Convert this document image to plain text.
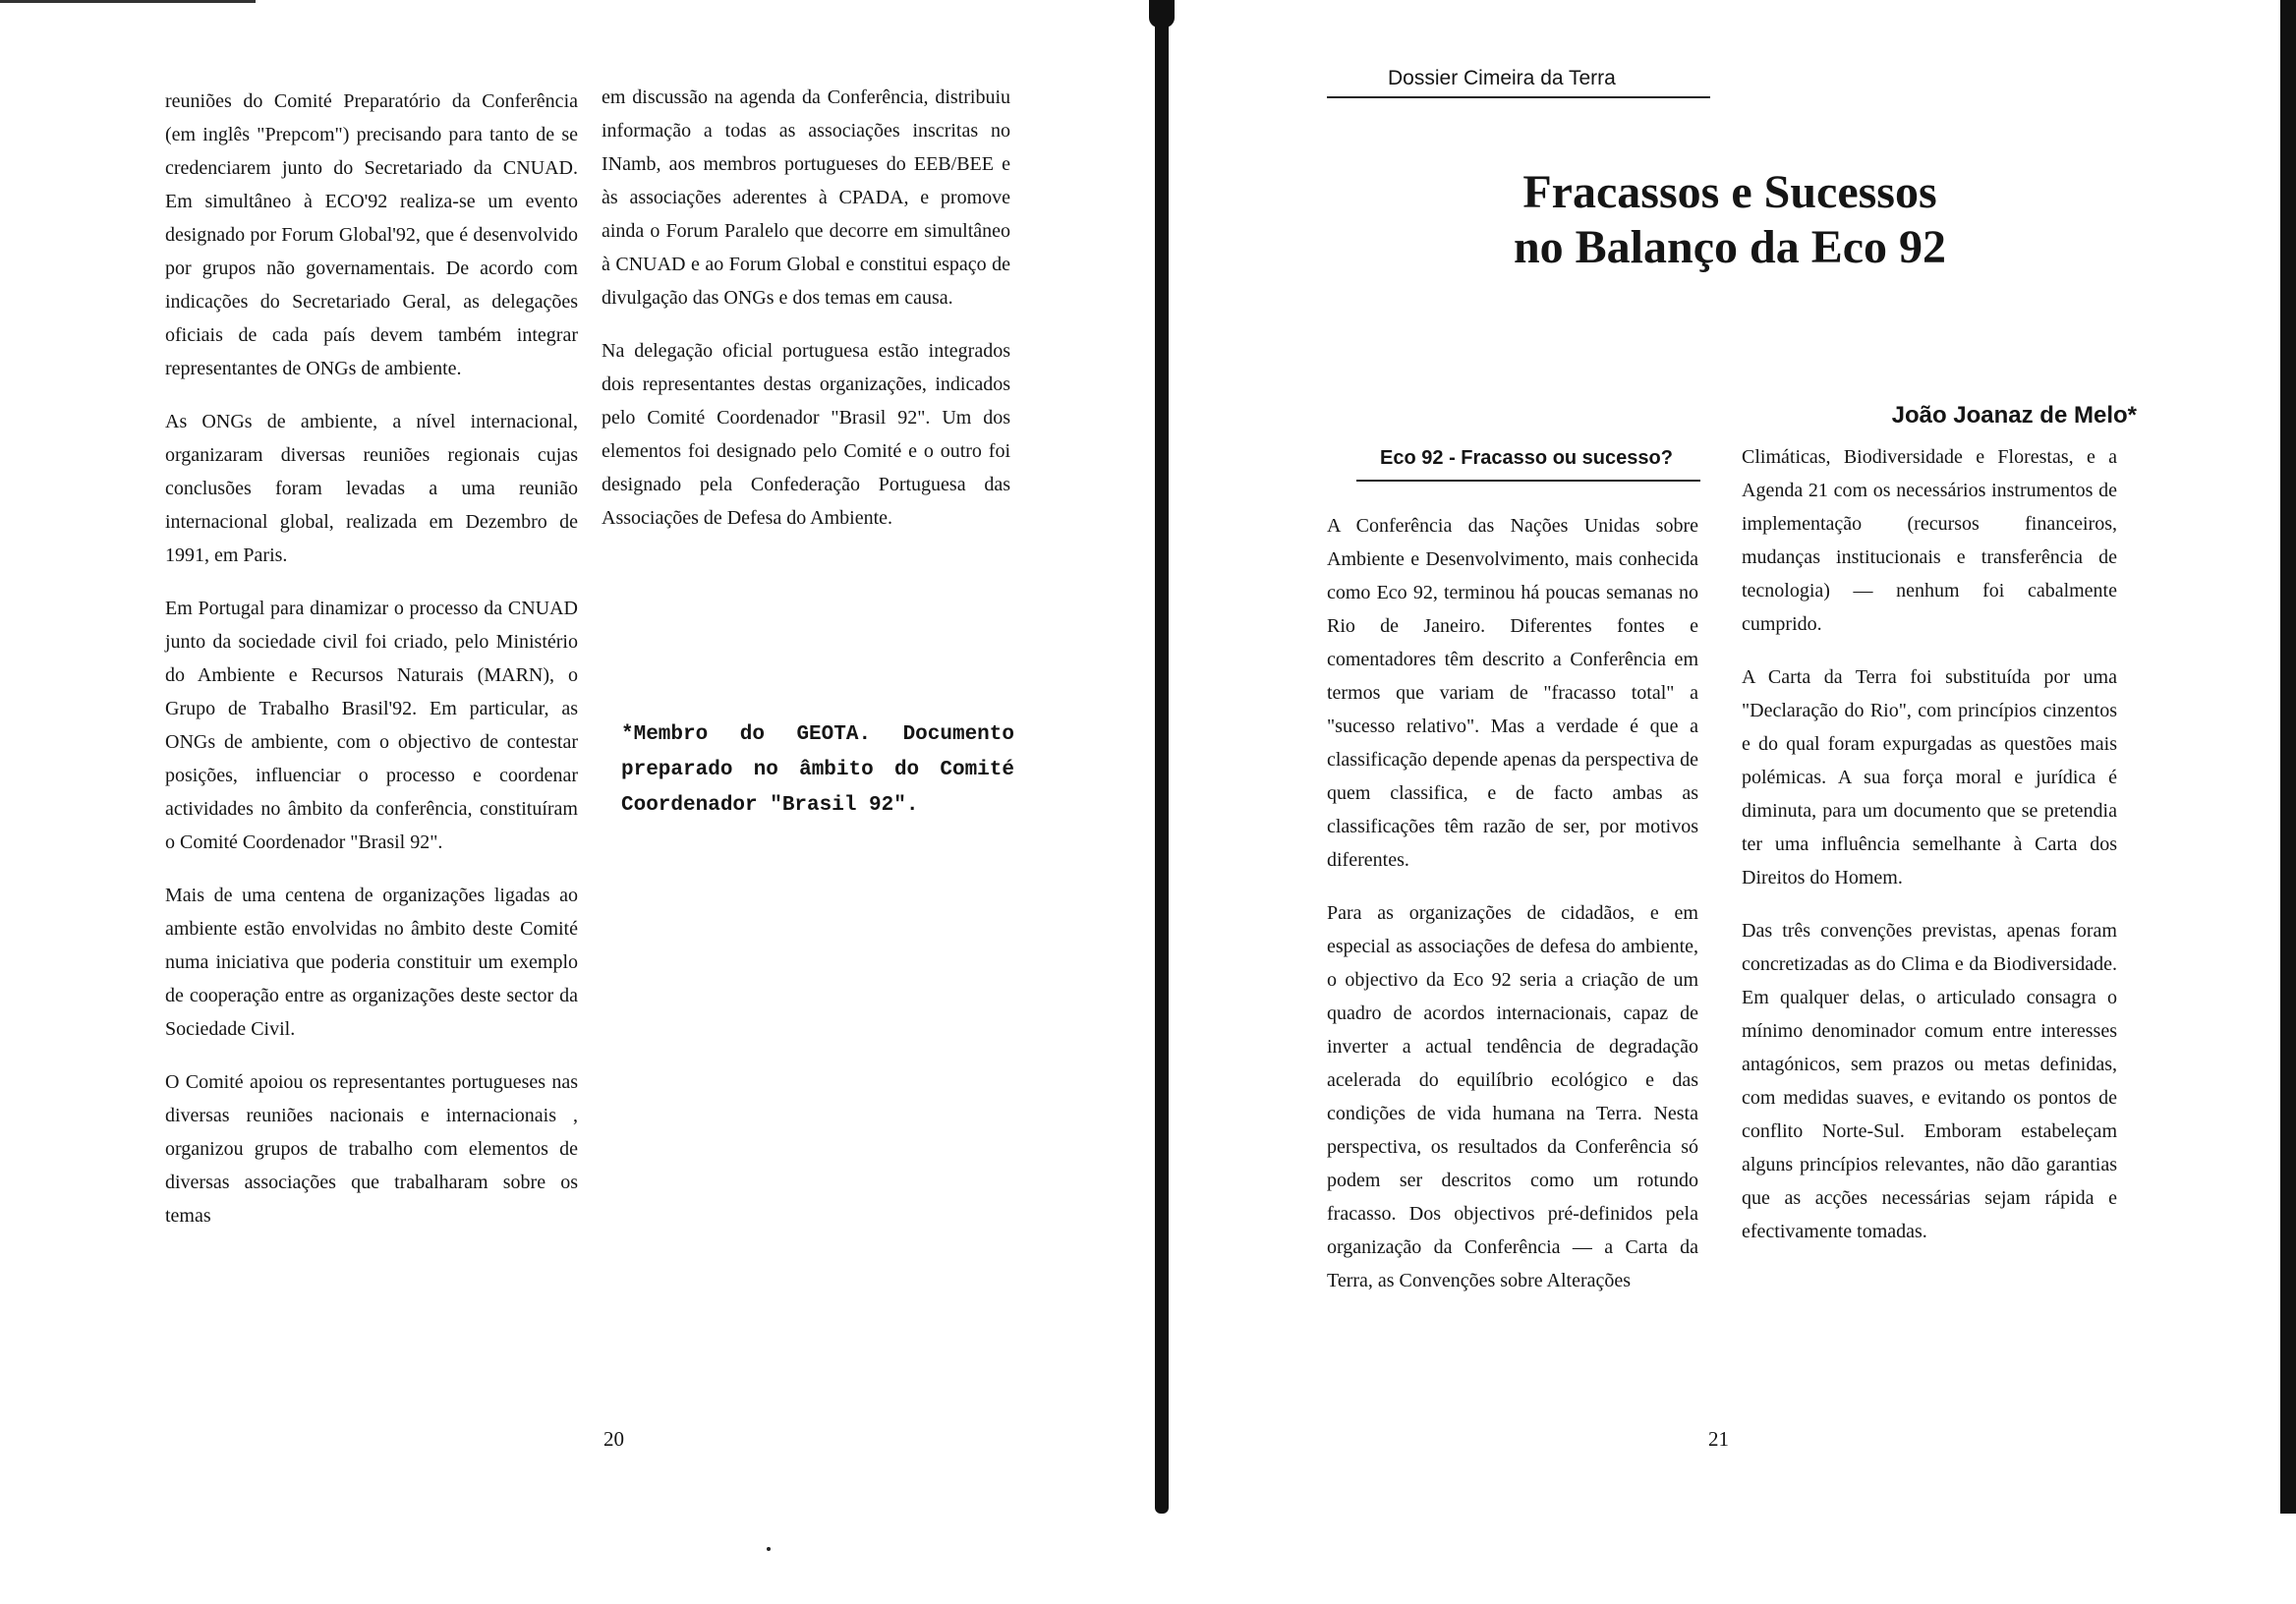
reuniões do Comité Preparatório da Conferência (em inglês "Prepcom") precisando para tanto de se credenciarem junto do Secretariado da CNUAD. Em simultâneo à ECO'92 realiza-se um evento designado por Forum Global'92, que é desenvolvido por grupos não governamentais. De acordo com indicações do Secretariado Geral, as delegações oficiais de cada país devem também integrar representantes de ONGs de ambiente.

As ONGs de ambiente, a nível internacional, organizaram diversas reuniões regionais cujas conclusões foram levadas a uma reunião internacional global, realizada em Dezembro de 1991, em Paris.

Em Portugal para dinamizar o processo da CNUAD junto da sociedade civil foi criado, pelo Ministério do Ambiente e Recursos Naturais (MARN), o Grupo de Trabalho Brasil'92. Em particular, as ONGs de ambiente, com o objectivo de contestar posições, influenciar o processo e coordenar actividades no âmbito da conferência, constituíram o Comité Coordenador "Brasil 92".

Mais de uma centena de organizações ligadas ao ambiente estão envolvidas no âmbito deste Comité numa iniciativa que poderia constituir um exemplo de cooperação entre as organizações deste sector da Sociedade Civil.

O Comité apoiou os representantes portugueses nas diversas reuniões nacionais e internacionais , organizou grupos de trabalho com elementos de diversas associações que trabalharam sobre os temas

em discussão na agenda da Conferência, distribuiu informação a todas as associações inscritas no INamb, aos membros portugueses do EEB/BEE e às associações aderentes à CPADA, e promove ainda o Forum Paralelo que decorre em simultâneo à CNUAD e ao Forum Global e constitui espaço de divulgação das ONGs e dos temas em causa.

Na delegação oficial portuguesa estão integrados dois representantes destas organizações, indicados pelo Comité Coordenador "Brasil 92". Um dos elementos foi designado pelo Comité e o outro foi designado pela Confederação Portuguesa das Associações de Defesa do Ambiente.

*Membro do GEOTA. Documento preparado no âmbito do Comité Coordenador "Brasil 92".
20
Dossier Cimeira da Terra
Fracassos e Sucessos
no Balanço da Eco 92
João Joanaz de Melo*
Eco 92 - Fracasso ou sucesso?

A Conferência das Nações Unidas sobre Ambiente e Desenvolvimento, mais conhecida como Eco 92, terminou há poucas semanas no Rio de Janeiro. Diferentes fontes e comentadores têm descrito a Conferência em termos que variam de "fracasso total" a "sucesso relativo". Mas a verdade é que a classificação depende apenas da perspectiva de quem classifica, e de facto ambas as classificações têm razão de ser, por motivos diferentes.

Para as organizações de cidadãos, e em especial as associações de defesa do ambiente, o objectivo da Eco 92 seria a criação de um quadro de acordos internacionais, capaz de inverter a actual tendência de degradação acelerada do equilíbrio ecológico e das condições de vida humana na Terra. Nesta perspectiva, os resultados da Conferência só podem ser descritos como um rotundo fracasso. Dos objectivos pré-definidos pela organização da Conferência — a Carta da Terra, as Convenções sobre Alterações

Climáticas, Biodiversidade e Florestas, e a Agenda 21 com os necessários instrumentos de implementação (recursos financeiros, mudanças institucionais e transferência de tecnologia) — nenhum foi cabalmente cumprido.

A Carta da Terra foi substituída por uma "Declaração do Rio", com princípios cinzentos e do qual foram expurgadas as questões mais polémicas. A sua força moral e jurídica é diminuta, para um documento que se pretendia ter uma influência semelhante à Carta dos Direitos do Homem.

Das três convenções previstas, apenas foram concretizadas as do Clima e da Biodiversidade. Em qualquer delas, o articulado consagra o mínimo denominador comum entre interesses antagónicos, sem prazos ou metas definidas, com medidas suaves, e evitando os pontos de conflito Norte-Sul. Emboram estabeleçam alguns princípios relevantes, não dão garantias que as acções necessárias sejam rápida e efectivamente tomadas.

21
